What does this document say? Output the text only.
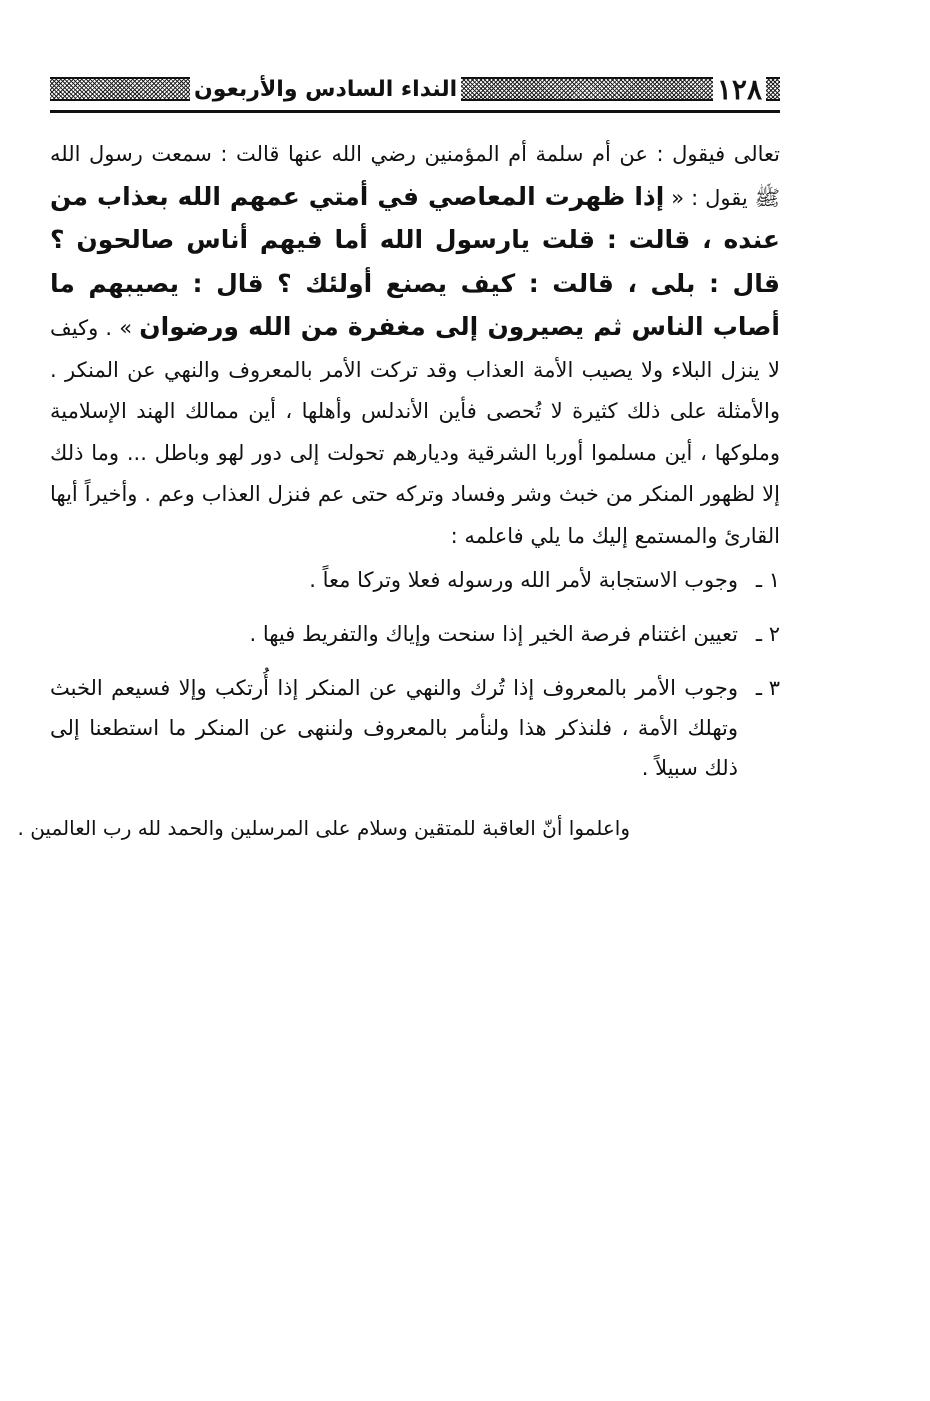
١٢٨
النداء السادس والأربعون
تعالى فيقول : عن أم سلمة أم المؤمنين رضي الله عنها قالت : سمعت رسول الله ﷺ يقول : « إذا ظهرت المعاصي في أمتي عمهم الله بعذاب من عنده ، قالت : قلت يارسول الله أما فيهم أناس صالحون ؟ قال : بلى ، قالت : كيف يصنع أولئك ؟ قال : يصيبهم ما أصاب الناس ثم يصيرون إلى مغفرة من الله ورضوان » . وكيف لا ينزل البلاء ولا يصيب الأمة العذاب وقد تركت الأمر بالمعروف والنهي عن المنكر . والأمثلة على ذلك كثيرة لا تُحصى فأين الأندلس وأهلها ، أين ممالك الهند الإسلامية وملوكها ، أين مسلموا أوربا الشرقية وديارهم تحولت إلى دور لهو وباطل ... وما ذلك إلا لظهور المنكر من خبث وشر وفساد وتركه حتى عم فنزل العذاب وعم . وأخيراً أيها القارئ والمستمع إليك ما يلي فاعلمه :
١ ـ
وجوب الاستجابة لأمر الله ورسوله فعلا وتركا معاً .
٢ ـ
تعيين اغتنام فرصة الخير إذا سنحت وإياك والتفريط فيها .
٣ ـ
وجوب الأمر بالمعروف إذا تُرك والنهي عن المنكر إذا أُرتكب وإلا فسيعم الخبث وتهلك الأمة ، فلنذكر هذا ولنأمر بالمعروف ولننهى عن المنكر ما استطعنا إلى ذلك سبيلاً .
واعلموا أنّ العاقبة للمتقين وسلام على المرسلين والحمد لله رب العالمين .
